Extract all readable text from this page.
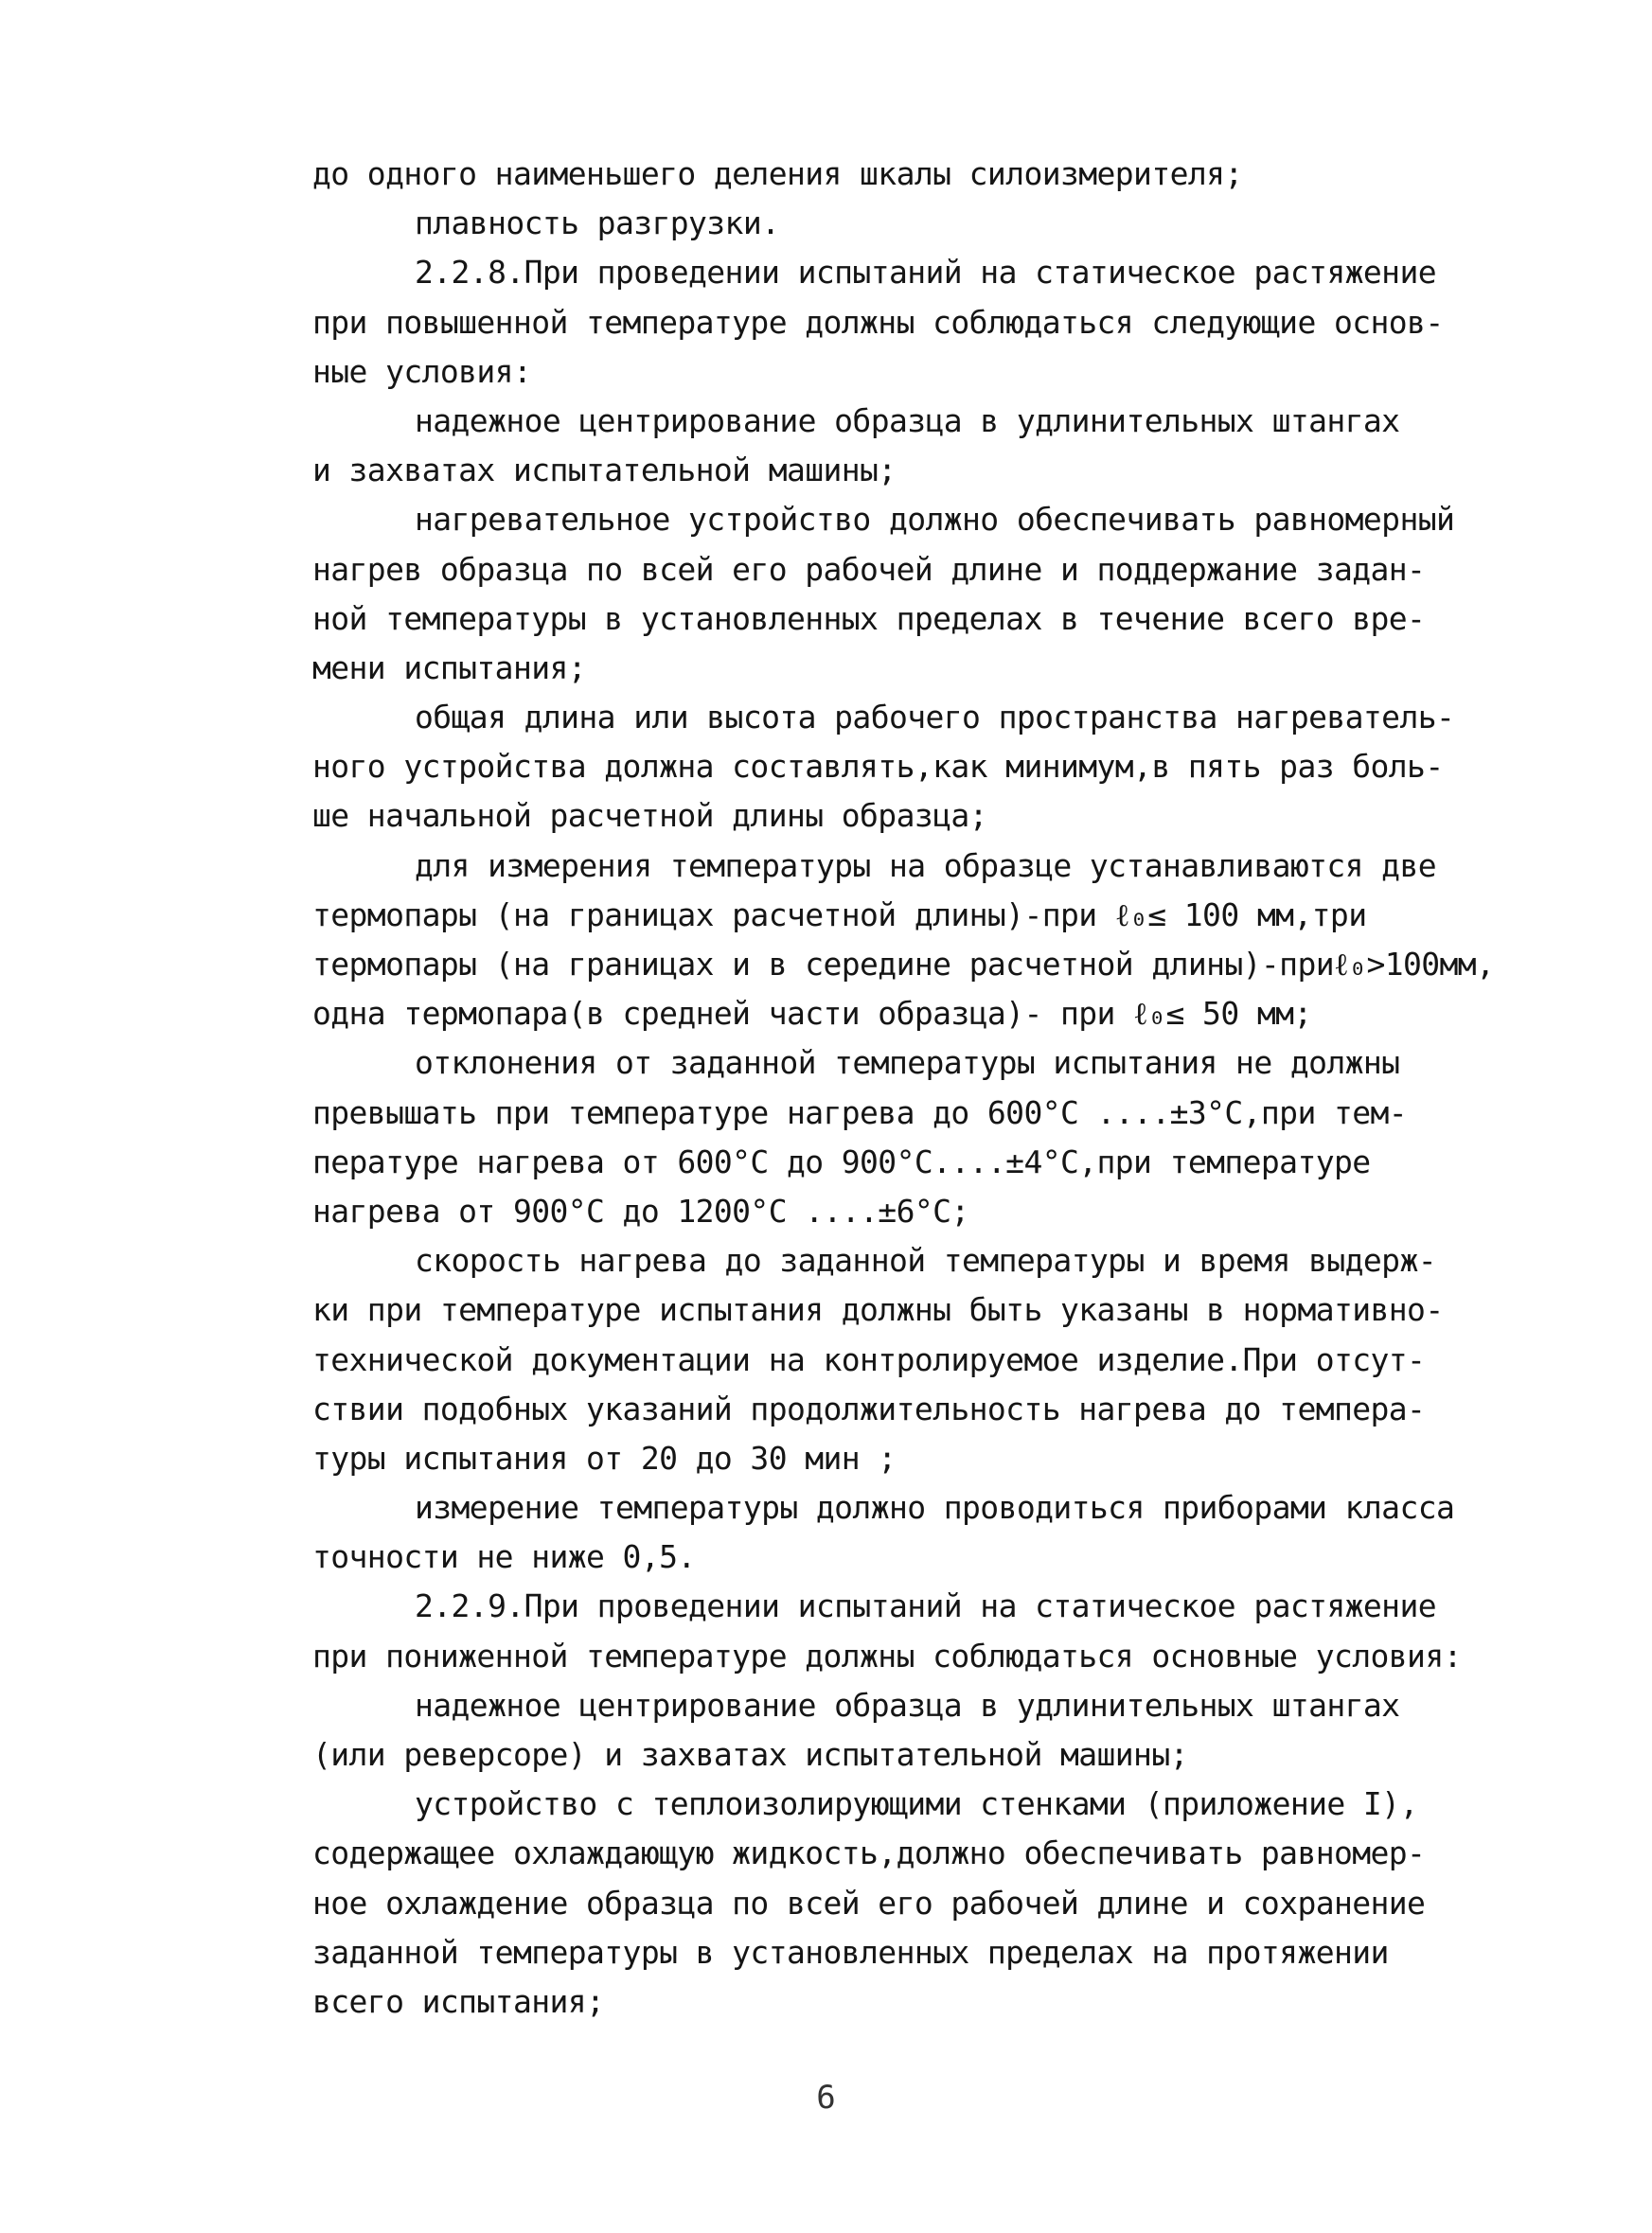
до одного наименьшего деления шкалы силоизмерителя;
плавность разгрузки.
2.2.8.При проведении испытаний на статическое растяжение
при повышенной температуре должны соблюдаться следующие основ-
ные условия:
надежное центрирование образца в удлинительных штангах
и захватах испытательной машины;
нагревательное устройство должно обеспечивать равномерный
нагрев образца по всей его рабочей длине и поддержание задан-
ной температуры в установленных пределах в течение всего вре-
мени испытания;
общая длина или высота рабочего пространства нагреватель-
ного устройства должна составлять,как минимум,в пять раз боль-
ше начальной расчетной длины образца;
для измерения температуры на образце устанавливаются две
термопары (на границах расчетной длины)-при ℓ₀≤ 100 мм,три
термопары (на границах и в середине расчетной длины)-приℓ₀>100мм,
одна термопара(в средней части образца)- при ℓ₀≤ 50 мм;
отклонения от заданной температуры испытания не должны
превышать при температуре нагрева до 600°С ....±3°С,при тем-
пературе нагрева от 600°С до 900°С....±4°С,при температуре
нагрева от 900°С до 1200°С ....±6°С;
скорость нагрева до заданной температуры и время выдерж-
ки при температуре испытания должны быть указаны в нормативно-
технической документации на контролируемое изделие.При отсут-
ствии подобных указаний продолжительность нагрева до темпера-
туры испытания от 20 до 30 мин ;
измерение температуры должно проводиться приборами класса
точности не ниже 0,5.
2.2.9.При проведении испытаний на статическое растяжение
при пониженной температуре должны соблюдаться основные условия:
надежное центрирование образца в удлинительных штангах
(или реверсоре) и захватах испытательной машины;
устройство с теплоизолирующими стенками (приложение I),
содержащее охлаждающую жидкость,должно обеспечивать равномер-
ное охлаждение образца по всей его рабочей длине и сохранение
заданной температуры в установленных пределах на протяжении
всего испытания;
6
